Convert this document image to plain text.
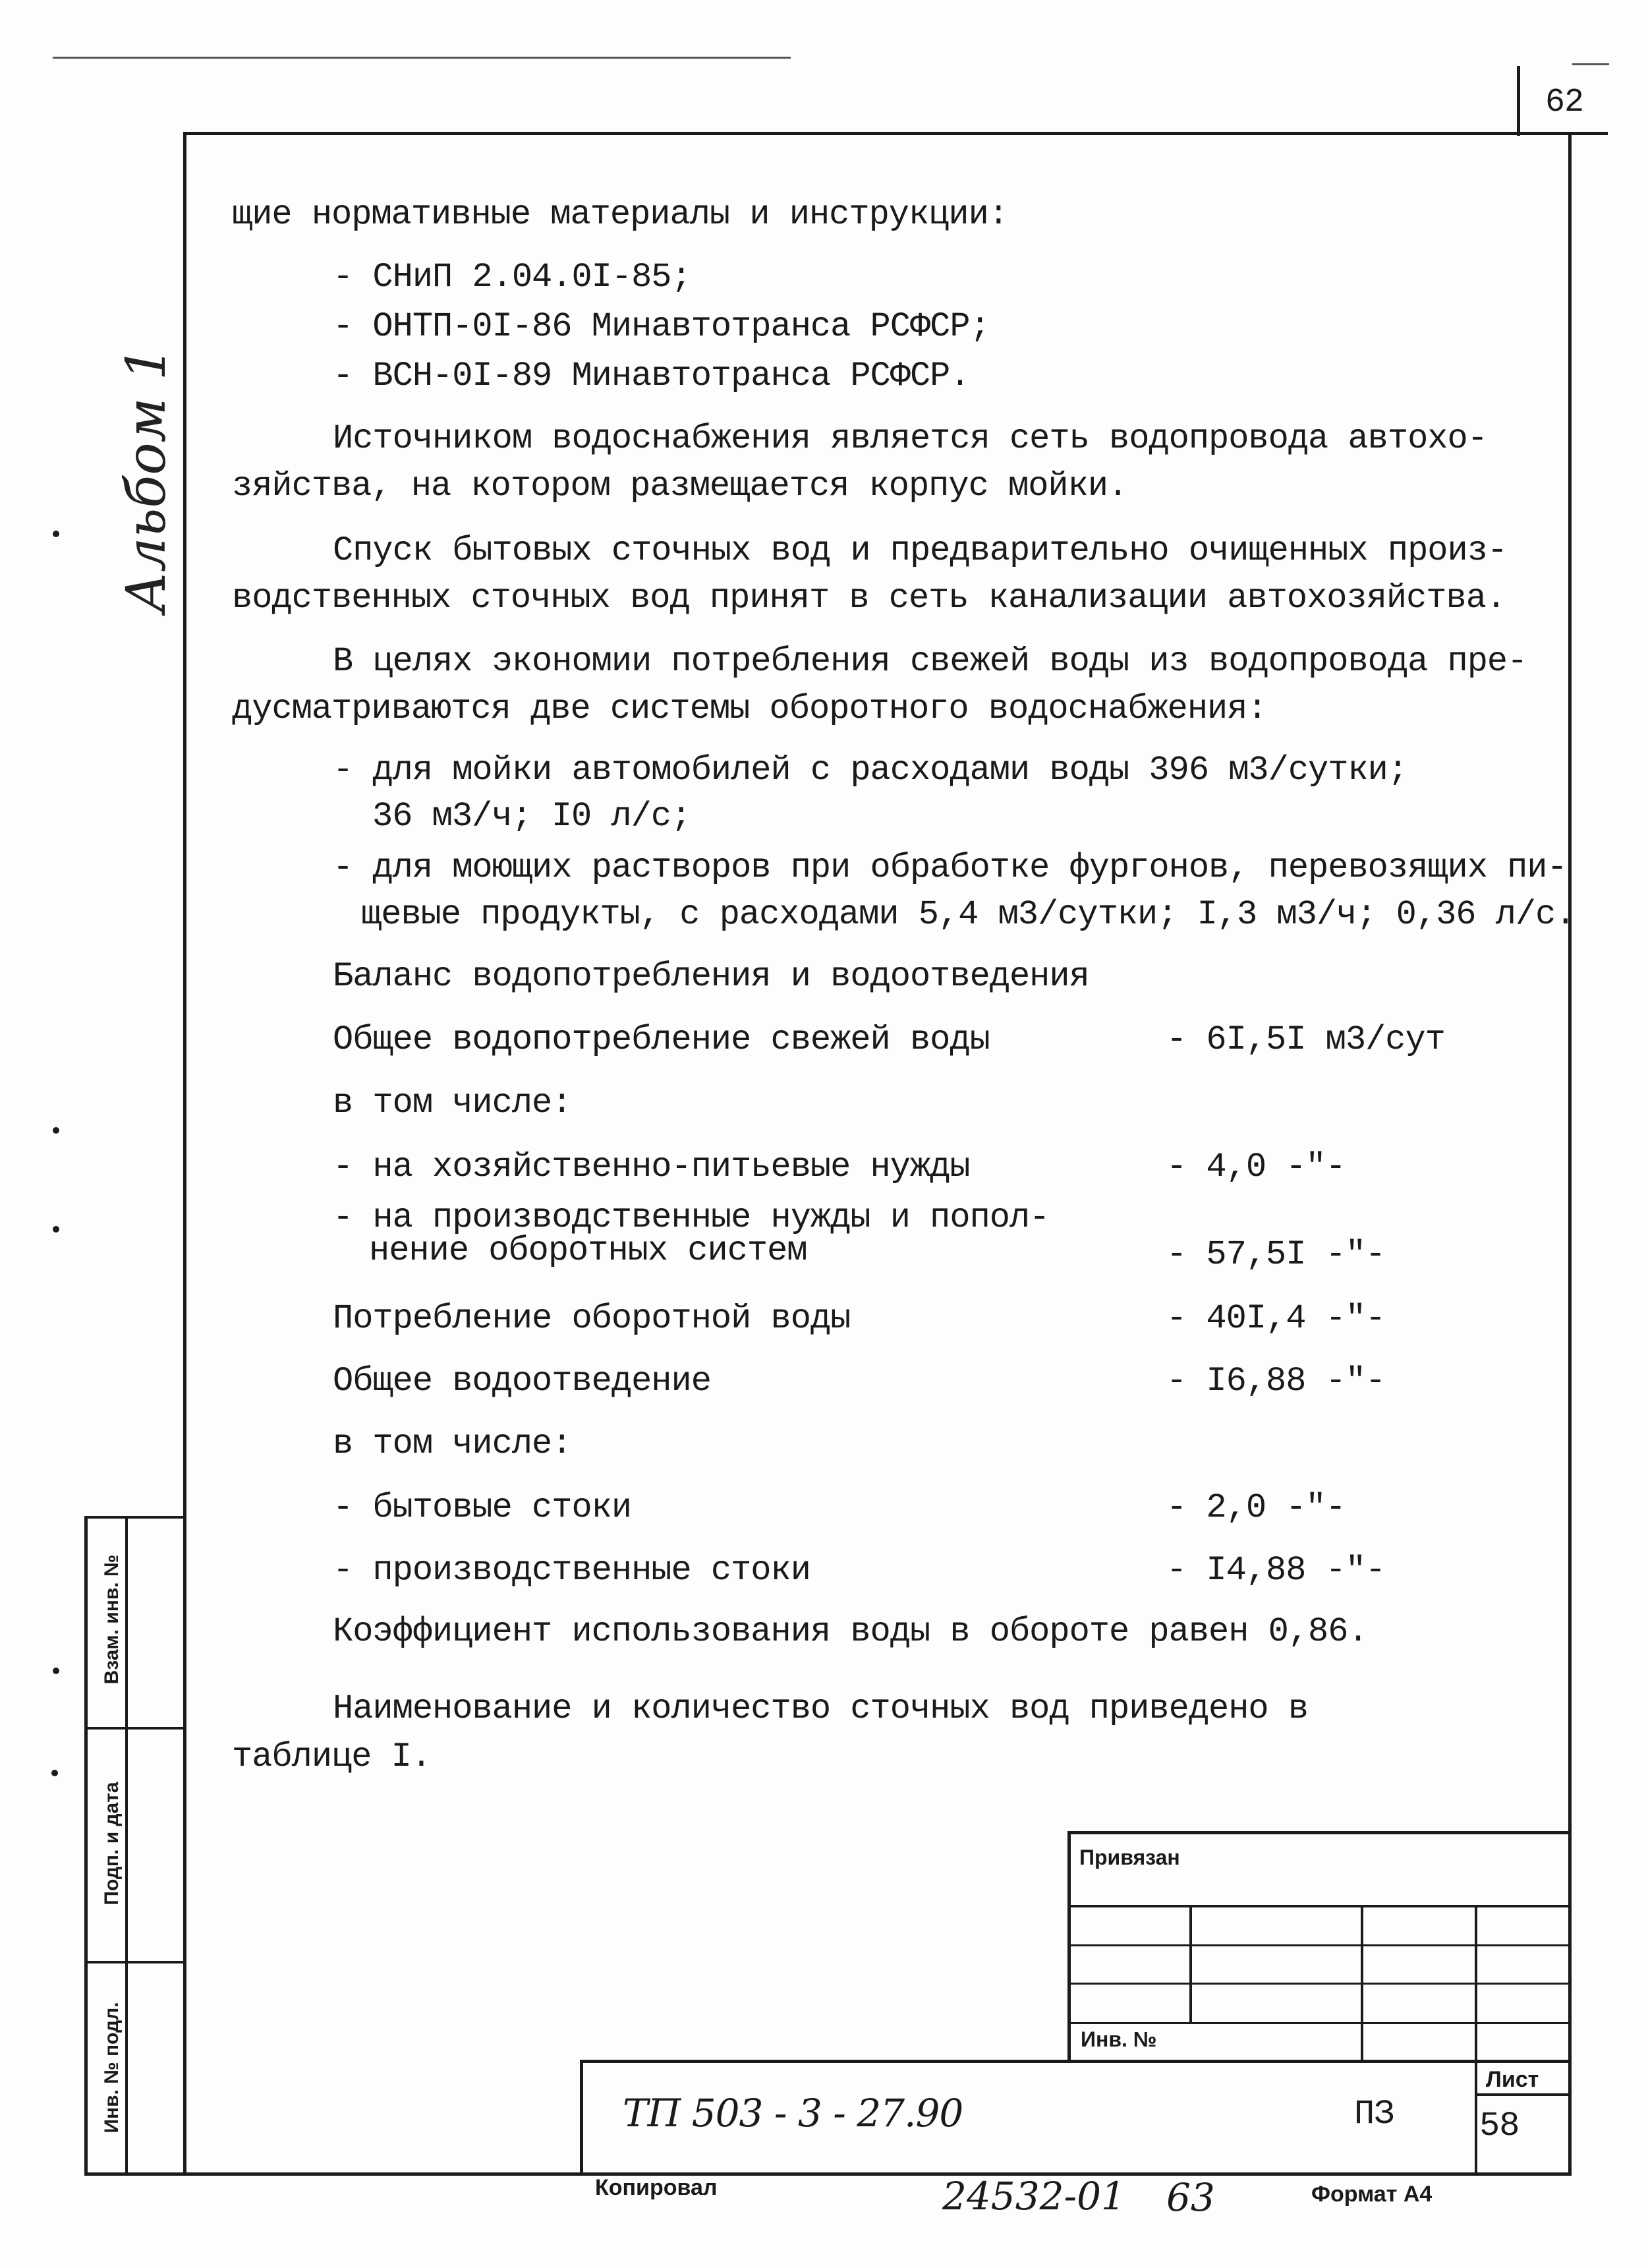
62
Альбом 1
щие нормативные материалы и инструкции:
- СНиП 2.04.0I-85;
- ОНТП-0I-86 Минавтотранса РСФСР;
- ВСН-0I-89 Минавтотранса РСФСР.
Источником водоснабжения является сеть водопровода автохо-
зяйства, на котором размещается корпус мойки.
Спуск бытовых сточных вод и предварительно очищенных произ-
водственных сточных вод принят в сеть канализации автохозяйства.
В целях экономии потребления свежей воды из водопровода пре-
дусматриваются две системы оборотного водоснабжения:
- для мойки автомобилей с расходами воды 396 м3/сутки;
36 м3/ч; I0 л/с;
- для моющих растворов при обработке фургонов, перевозящих пи-
щевые продукты, с расходами 5,4 м3/сутки; I,3 м3/ч; 0,36 л/с.
Баланс водопотребления и водоотведения
Общее водопотребление свежей воды	- 6I,5I м3/сут
в том числе:
- на хозяйственно-питьевые нужды	- 4,0 -"-
- на производственные нужды и попол-
нение оборотных систем	- 57,5I -"-
Потребление оборотной воды	- 40I,4 -"-
Общее водоотведение	- I6,88 -"-
в том числе:
- бытовые стоки	- 2,0 -"-
- производственные стоки	- I4,88 -"-
Коэффициент использования воды в обороте равен 0,86.
Наименование и количество сточных вод приведено в
таблице I.
Взам. инв. №
Подп. и дата
Инв. № подл.
Привязан
Инв. №
Лист
ТП 503 - 3 - 27.90	ПЗ 58
Копировал	24532-01 63	Формат А4
